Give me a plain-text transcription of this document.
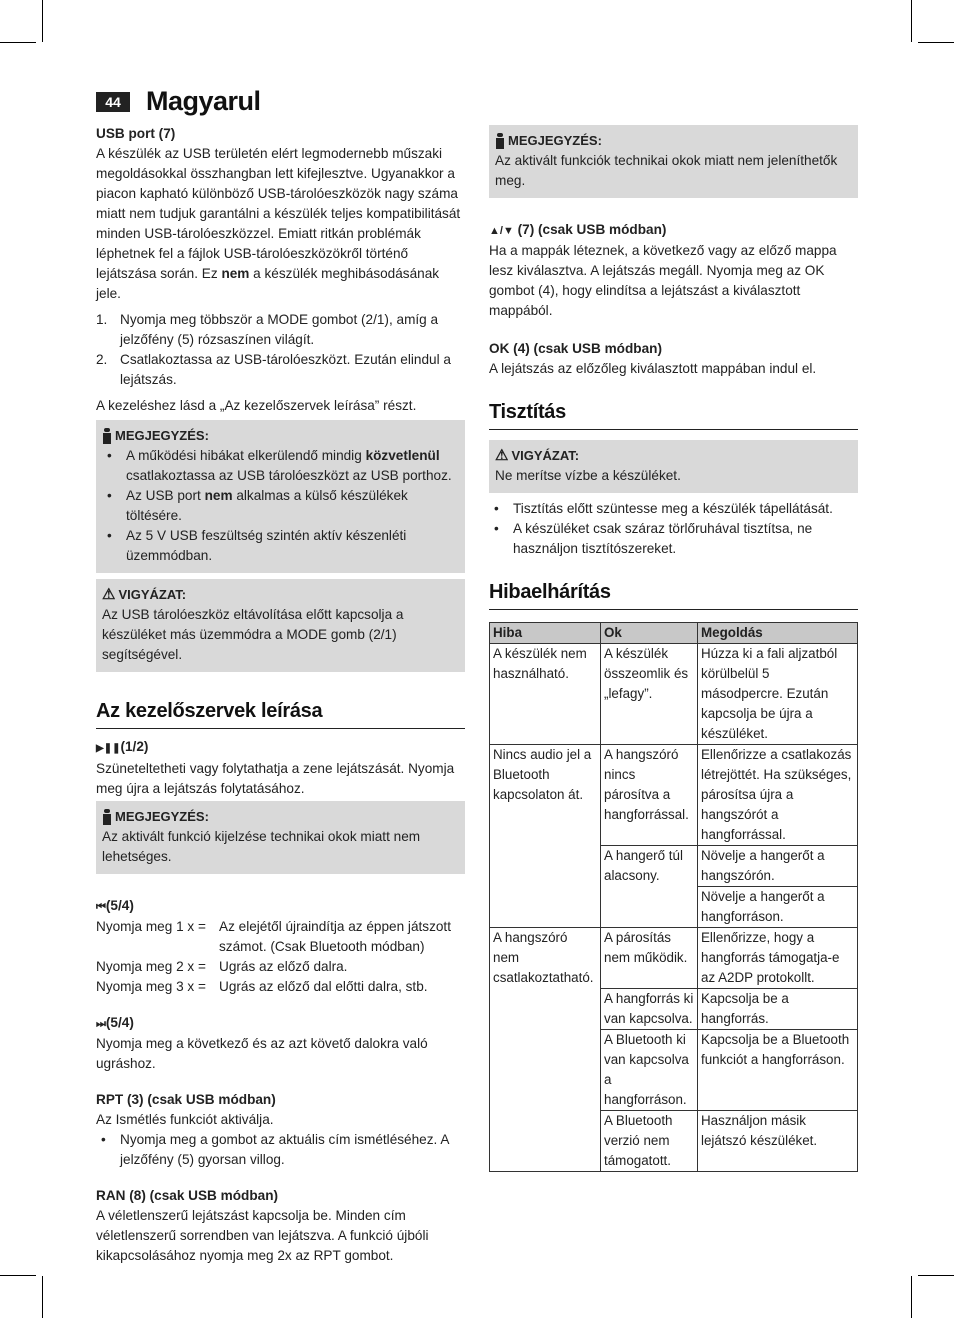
44 Magyarul

USB port (7)

A készülék az USB területén elért legmodernebb műszaki megoldásokkal összhangban lett kifejlesztve. Ugyanakkor a piacon kapható különböző USB-tárolóeszközök nagy száma miatt nem tudjuk garantálni a készülék teljes kompatibilitását minden USB-tárolóeszközzel. Emiatt ritkán problémák léphetnek fel a fájlok USB-tárolóeszközökről történő lejátszása során. Ez nem a készülék meghibásodásának jele.

1. Nyomja meg többször a MODE gombot (2/1), amíg a jelzőfény (5) rózsaszínen világít.
2. Csatlakoztassa az USB-tárolóeszközt. Ezután elindul a lejátszás.

A kezeléshez lásd a „Az kezelőszervek leírása” részt.

MEGJEGYZÉS:
• A működési hibákat elkerülendő mindig közvetlenül csatlakoztassa az USB tárolóeszközt az USB porthoz.
• Az USB port nem alkalmas a külső készülékek töltésére.
• Az 5 V USB feszültség szintén aktív készenléti üzemmódban.
⚠ VIGYÁZAT:

Az USB tárolóeszköz eltávolítása előtt kapcsolja a készüléket más üzemmódra a MODE gomb (2/1) segítségével.

Az kezelőszervek leírása

▶❚❚(1/2)

Szüneteltetheti vagy folytathatja a zene lejátszását. Nyomja meg újra a lejátszás folytatásához.

MEGJEGYZÉS:

Az aktivált funkció kijelzése technikai okok miatt nem lehetséges.

⏮(5/4)

Nyomja meg 1 x = Az elejétől újraindítja az éppen játszott számot. (Csak Bluetooth módban)
Nyomja meg 2 x = Ugrás az előző dalra.
Nyomja meg 3 x = Ugrás az előző dal előtti dalra, stb.

⏭(5/4)

Nyomja meg a következő és az azt követő dalokra való ugráshoz.

RPT (3) (csak USB módban)

Az Ismétlés funkciót aktiválja.

• Nyomja meg a gombot az aktuális cím ismétléséhez. A jelzőfény (5) gyorsan villog.

RAN (8) (csak USB módban)

A véletlenszerű lejátszást kapcsolja be. Minden cím véletlenszerű sorrendben van lejátszva. A funkció újbóli kikapcsolásához nyomja meg 2x az RPT gombot.

MEGJEGYZÉS:

Az aktivált funkciók technikai okok miatt nem jeleníthetők meg.

▲/▼ (7) (csak USB módban)

Ha a mappák léteznek, a következő vagy az előző mappa lesz kiválasztva. A lejátszás megáll. Nyomja meg az OK gombot (4), hogy elindítsa a lejátszást a kiválasztott mappából.

OK (4) (csak USB módban)

A lejátszás az előzőleg kiválasztott mappában indul el.

Tisztítás
⚠ VIGYÁZAT:

Ne merítse vízbe a készüléket.

• Tisztítás előtt szüntesse meg a készülék tápellátását.
• A készüléket csak száraz törlőruhával tisztítsa, ne használjon tisztítószereket.
Hibaelhárítás
Hiba	Ok	Megoldás
A készülék nem használható.	A készülék összeomlik és „lefagy”.	Húzza ki a fali aljzatból körülbelül 5 másodpercre. Ezután kapcsolja be újra a készüléket.
Nincs audio jel a Bluetooth kapcsolaton át.	A hangszóró nincs párosítva a hangforrással.	Ellenőrizze a csatlakozás létrejöttét. Ha szükséges, párosítsa újra a hangszórót a hangforrással.
	A hangerő túl alacsony.	Növelje a hangerőt a hangszórón.
		Növelje a hangerőt a hangforráson.
A hangszóró nem csatlakoztatható.	A párosítás nem működik.	Ellenőrizze, hogy a hangforrás támogatja-e az A2DP protokollt.
	A hangforrás ki van kapcsolva.	Kapcsolja be a hangforrás.
	A Bluetooth ki van kapcsolva a hangforráson.	Kapcsolja be a Bluetooth funkciót a hangforráson.
	A Bluetooth verzió nem támogatott.	Használjon másik lejátszó készüléket.
